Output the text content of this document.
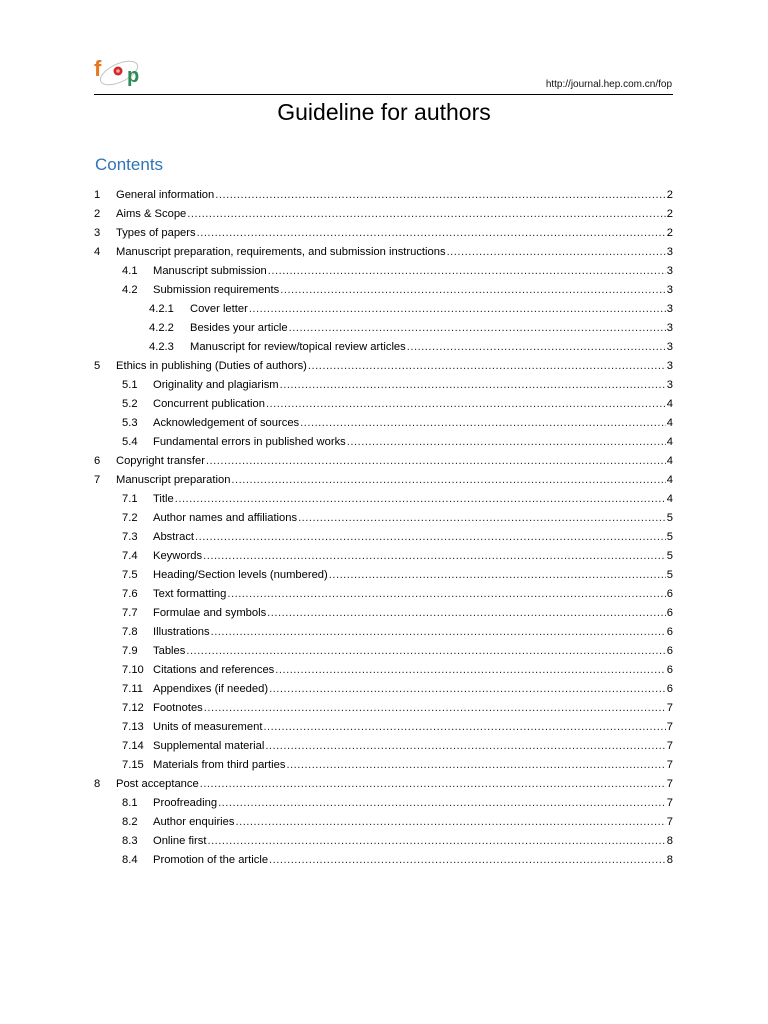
f p	http://journal.hep.com.cn/fop
Guideline for authors
Contents
1	General information .....	2
2	Aims & Scope .....	2
3	Types of papers .....	2
4	Manuscript preparation, requirements, and submission instructions .....	3
4.1	Manuscript submission .....	3
4.2	Submission requirements .....	3
4.2.1	Cover letter .....	3
4.2.2	Besides your article .....	3
4.2.3	Manuscript for review/topical review articles .....	3
5	Ethics in publishing (Duties of authors) .....	3
5.1	Originality and plagiarism .....	3
5.2	Concurrent publication .....	4
5.3	Acknowledgement of sources .....	4
5.4	Fundamental errors in published works .....	4
6	Copyright transfer .....	4
7	Manuscript preparation .....	4
7.1	Title .....	4
7.2	Author names and affiliations .....	5
7.3	Abstract .....	5
7.4	Keywords .....	5
7.5	Heading/Section levels (numbered) .....	5
7.6	Text formatting .....	6
7.7	Formulae and symbols .....	6
7.8	Illustrations .....	6
7.9	Tables .....	6
7.10 Citations and references .....	6
7.11 Appendixes (if needed) .....	6
7.12 Footnotes .....	7
7.13 Units of measurement .....	7
7.14 Supplemental material .....	7
7.15 Materials from third parties .....	7
8	Post acceptance .....	7
8.1	Proofreading .....	7
8.2	Author enquiries .....	7
8.3	Online first .....	8
8.4	Promotion of the article .....	8
